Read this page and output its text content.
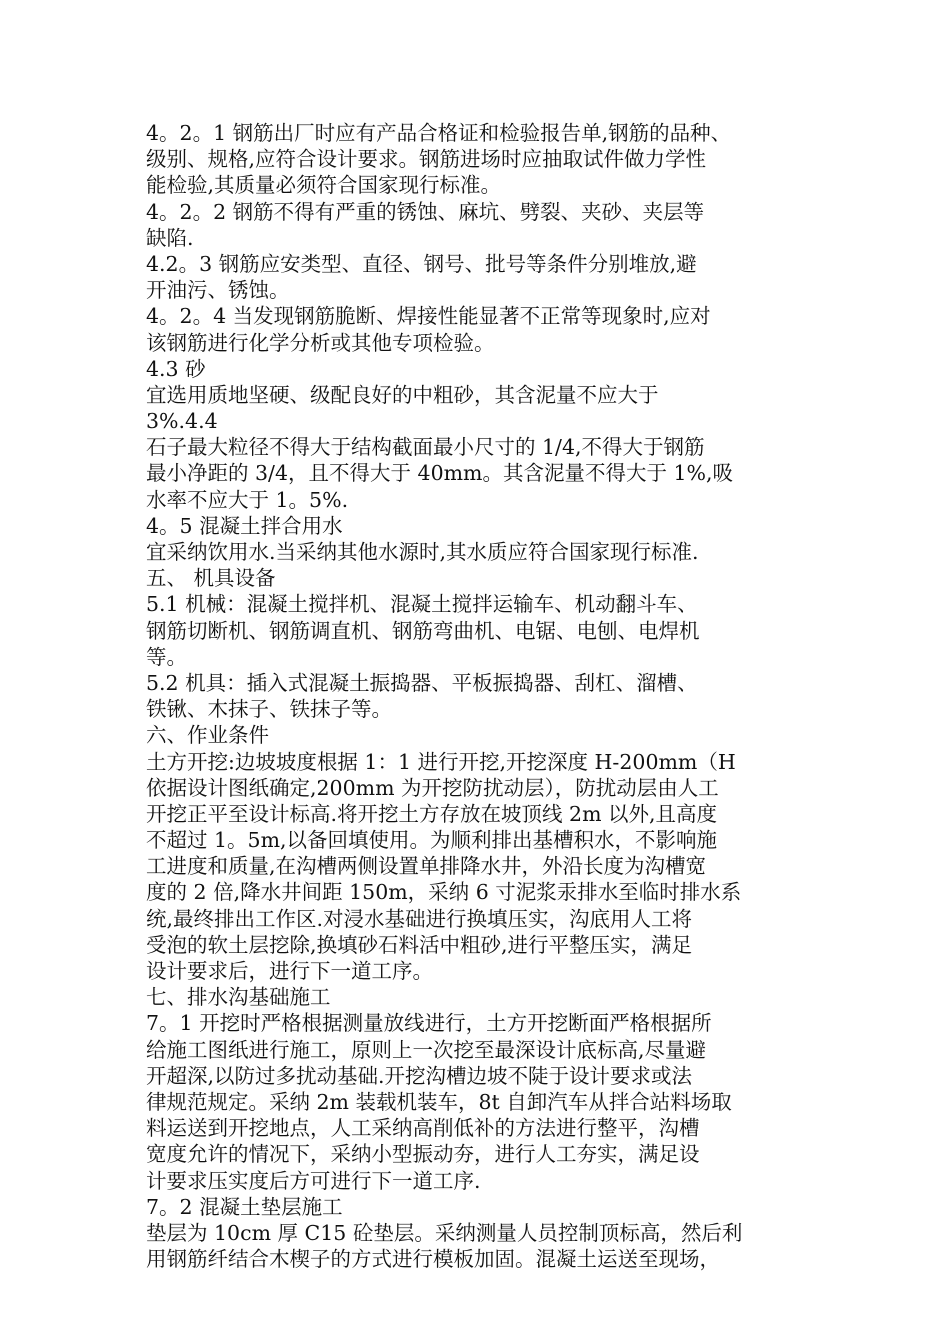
4。2。1 钢筋出厂时应有产品合格证和检验报告单,钢筋的品种、
级别、规格,应符合设计要求。钢筋进场时应抽取试件做力学性
能检验,其质量必须符合国家现行标准。
4。2。2 钢筋不得有严重的锈蚀、麻坑、劈裂、夹砂、夹层等
缺陷.
4.2。3 钢筋应安类型、直径、钢号、批号等条件分别堆放,避
开油污、锈蚀。
4。2。4 当发现钢筋脆断、焊接性能显著不正常等现象时,应对
该钢筋进行化学分析或其他专项检验。
4.3 砂
宜选用质地坚硬、级配良好的中粗砂，其含泥量不应大于
3%.4.4
石子最大粒径不得大于结构截面最小尺寸的 1/4,不得大于钢筋
最小净距的 3/4，且不得大于 40mm。其含泥量不得大于 1%,吸
水率不应大于 1。5%.
4。5 混凝土拌合用水
宜采纳饮用水.当采纳其他水源时,其水质应符合国家现行标准.
五、 机具设备
5.1 机械：混凝土搅拌机、混凝土搅拌运输车、机动翻斗车、
钢筋切断机、钢筋调直机、钢筋弯曲机、电锯、电刨、电焊机
等。
5.2 机具：插入式混凝土振捣器、平板振捣器、刮杠、溜槽、
铁锹、木抹子、铁抹子等。
六、作业条件
土方开挖:边坡坡度根据 1：1 进行开挖,开挖深度 H-200mm（H
依据设计图纸确定,200mm 为开挖防扰动层），防扰动层由人工
开挖正平至设计标高.将开挖土方存放在坡顶线 2m 以外,且高度
不超过 1。5m,以备回填使用。为顺利排出基槽积水，不影响施
工进度和质量,在沟槽两侧设置单排降水井，外沿长度为沟槽宽
度的 2 倍,降水井间距 150m，采纳 6 寸泥浆汞排水至临时排水系
统,最终排出工作区.对浸水基础进行换填压实，沟底用人工将
受泡的软土层挖除,换填砂石料活中粗砂,进行平整压实，满足
设计要求后，进行下一道工序。
七、排水沟基础施工
7。1 开挖时严格根据测量放线进行，土方开挖断面严格根据所
给施工图纸进行施工，原则上一次挖至最深设计底标高,尽量避
开超深,以防过多扰动基础.开挖沟槽边坡不陡于设计要求或法
律规范规定。采纳 2m 装载机装车，8t 自卸汽车从拌合站料场取
料运送到开挖地点，人工采纳高削低补的方法进行整平，沟槽
宽度允许的情况下，采纳小型振动夯，进行人工夯实，满足设
计要求压实度后方可进行下一道工序.
7。2 混凝土垫层施工
垫层为 10cm 厚 C15 砼垫层。采纳测量人员控制顶标高，然后利
用钢筋纤结合木楔子的方式进行模板加固。混凝土运送至现场，
